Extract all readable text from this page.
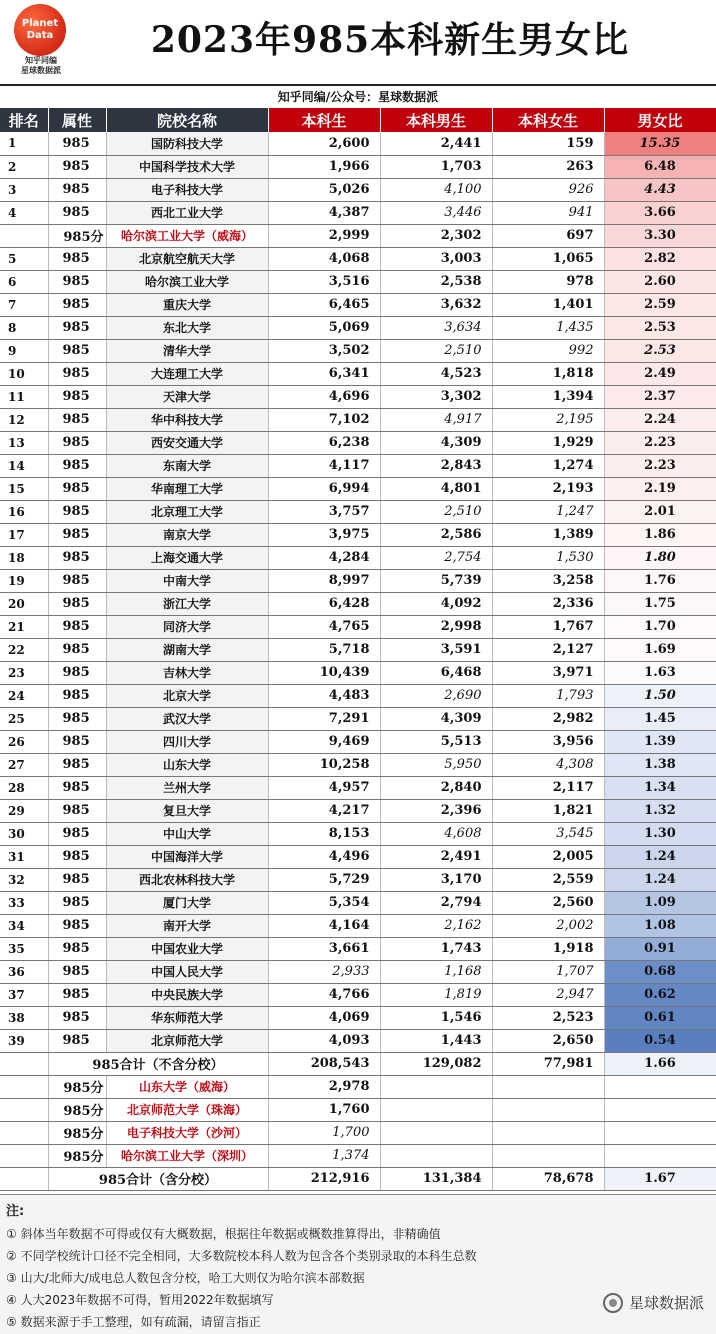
Planet
Data
知乎同编
星球数据派
2023年985本科新生男女比
知乎同编/公众号：星球数据派
排名	属性	院校名称	本科生	本科男生	本科女生	男女比
1	985	国防科技大学	2,600	2,441	159	15.35
2	985	中国科学技术大学	1,966	1,703	263	6.48
3	985	电子科技大学	5,026	4,100	926	4.43
4	985	西北工业大学	4,387	3,446	941	3.66
	985分	哈尔滨工业大学（威海）	2,999	2,302	697	3.30
5	985	北京航空航天大学	4,068	3,003	1,065	2.82
6	985	哈尔滨工业大学	3,516	2,538	978	2.60
7	985	重庆大学	6,465	3,632	1,401	2.59
8	985	东北大学	5,069	3,634	1,435	2.53
9	985	清华大学	3,502	2,510	992	2.53
10	985	大连理工大学	6,341	4,523	1,818	2.49
11	985	天津大学	4,696	3,302	1,394	2.37
12	985	华中科技大学	7,102	4,917	2,195	2.24
13	985	西安交通大学	6,238	4,309	1,929	2.23
14	985	东南大学	4,117	2,843	1,274	2.23
15	985	华南理工大学	6,994	4,801	2,193	2.19
16	985	北京理工大学	3,757	2,510	1,247	2.01
17	985	南京大学	3,975	2,586	1,389	1.86
18	985	上海交通大学	4,284	2,754	1,530	1.80
19	985	中南大学	8,997	5,739	3,258	1.76
20	985	浙江大学	6,428	4,092	2,336	1.75
21	985	同济大学	4,765	2,998	1,767	1.70
22	985	湖南大学	5,718	3,591	2,127	1.69
23	985	吉林大学	10,439	6,468	3,971	1.63
24	985	北京大学	4,483	2,690	1,793	1.50
25	985	武汉大学	7,291	4,309	2,982	1.45
26	985	四川大学	9,469	5,513	3,956	1.39
27	985	山东大学	10,258	5,950	4,308	1.38
28	985	兰州大学	4,957	2,840	2,117	1.34
29	985	复旦大学	4,217	2,396	1,821	1.32
30	985	中山大学	8,153	4,608	3,545	1.30
31	985	中国海洋大学	4,496	2,491	2,005	1.24
32	985	西北农林科技大学	5,729	3,170	2,559	1.24
33	985	厦门大学	5,354	2,794	2,560	1.09
34	985	南开大学	4,164	2,162	2,002	1.08
35	985	中国农业大学	3,661	1,743	1,918	0.91
36	985	中国人民大学	2,933	1,168	1,707	0.68
37	985	中央民族大学	4,766	1,819	2,947	0.62
38	985	华东师范大学	4,069	1,546	2,523	0.61
39	985	北京师范大学	4,093	1,443	2,650	0.54
	985合计（不含分校）		208,543	129,082	77,981	1.66
	985分	山东大学（威海）	2,978			
	985分	北京师范大学（珠海）	1,760			
	985分	电子科技大学（沙河）	1,700			
	985分	哈尔滨工业大学（深圳）	1,374			
	985合计（含分校）		212,916	131,384	78,678	1.67
注:
① 斜体当年数据不可得或仅有大概数据，根据往年数据或概数推算得出，非精确值
② 不同学校统计口径不完全相同，大多数院校本科人数为包含各个类别录取的本科生总数
③ 山大/北师大/成电总人数包含分校，哈工大则仅为哈尔滨本部数据
④ 人大2023年数据不可得，暂用2022年数据填写
⑤ 数据来源于手工整理，如有疏漏，请留言指正
星球数据派
